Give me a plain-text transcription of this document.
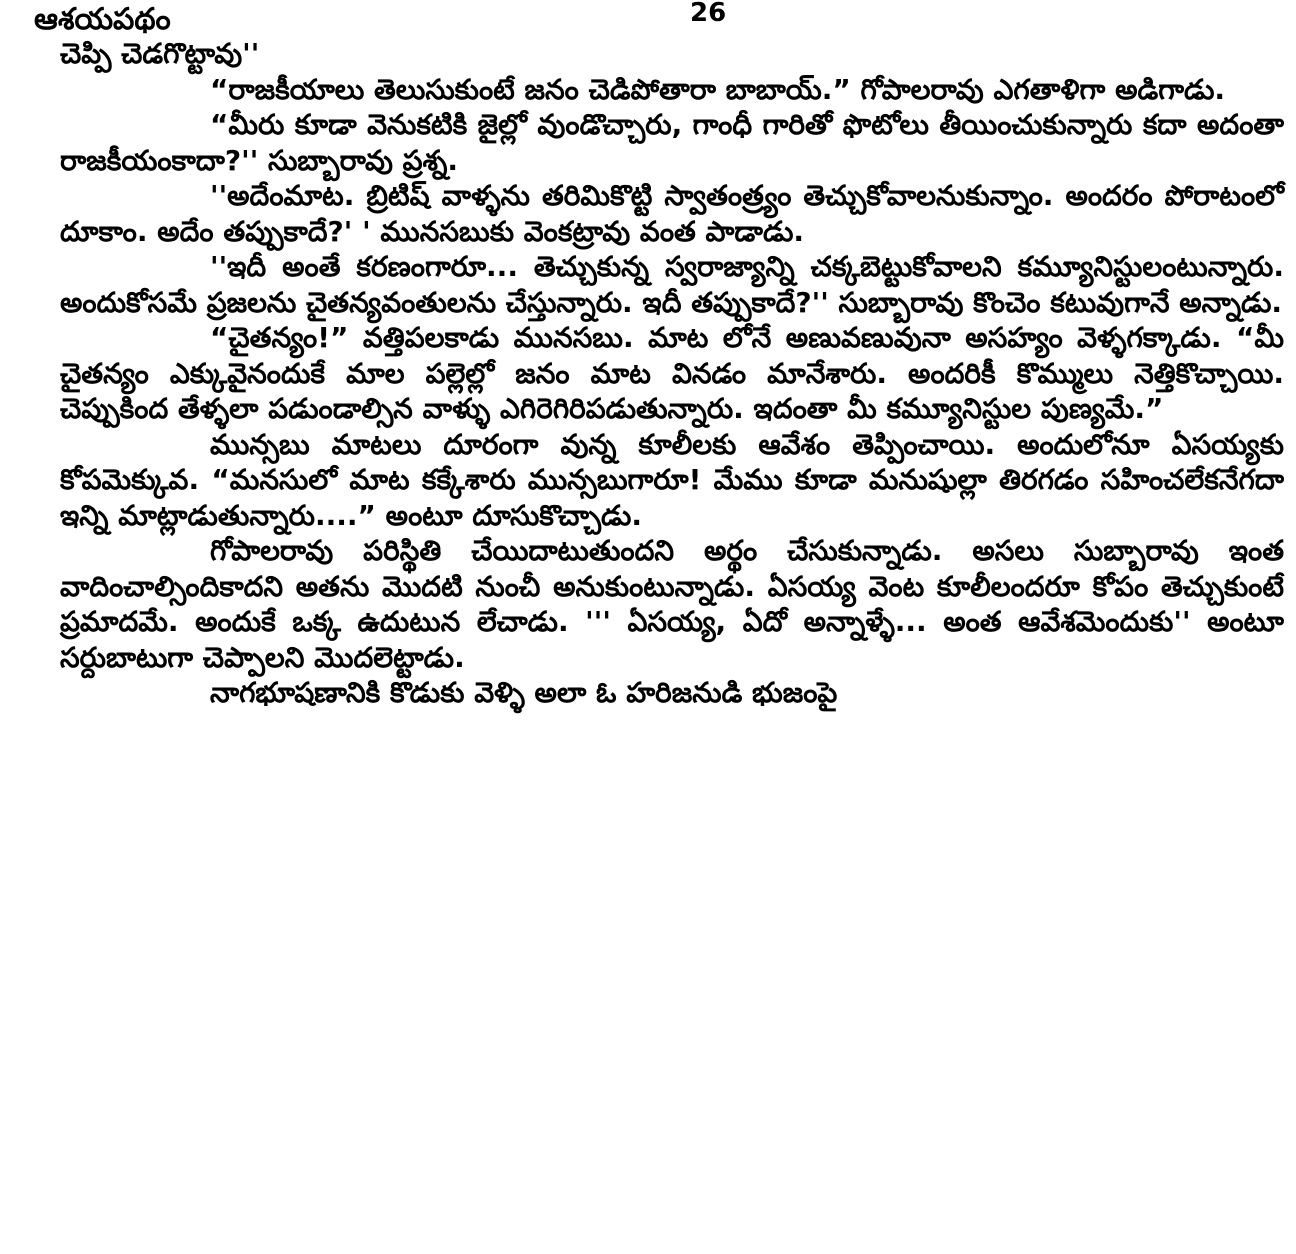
ఆశయపథం	26

చెప్పి చెడగొట్టావు''

“రాజకీయాలు తెలుసుకుంటే జనం చెడిపోతారా బాబాయ్.” గోపాలరావు ఎగతాళిగా అడిగాడు.

“మీరు కూడా వెనుకటికి జైల్లో వుండొచ్చారు, గాంధీ గారితో ఫొటోలు తీయించుకున్నారు కదా అదంతా రాజకీయంకాదా?'' సుబ్బారావు ప్రశ్న.

''అదేంమాట. బ్రిటిష్ వాళ్ళను తరిమికొట్టి స్వాతంత్ర్యం తెచ్చుకోవాలనుకున్నాం. అందరం పోరాటంలో దూకాం. అదేం తప్పుకాదే?' ' మునసబుకు వెంకట్రావు వంత పాడాడు.

''ఇదీ అంతే కరణంగారూ... తెచ్చుకున్న స్వరాజ్యాన్ని చక్కబెట్టుకోవాలని కమ్యూనిస్టులంటున్నారు. అందుకోసమే ప్రజలను చైతన్యవంతులను చేస్తున్నారు. ఇదీ తప్పుకాదే?'' సుబ్బారావు కొంచెం కటువుగానే అన్నాడు.

“చైతన్యం!” వత్తిపలకాడు మునసబు. మాట లోనే అణువణువునా అసహ్యం వెళ్ళగక్కాడు. “మీ చైతన్యం ఎక్కువైనందుకే మాల పల్లెల్లో జనం మాట వినడం మానేశారు. అందరికీ కొమ్ములు నెత్తికొచ్చాయి. చెప్పుకింద తేళ్ళలా పడుండాల్సిన వాళ్ళు ఎగిరెగిరిపడుతున్నారు. ఇదంతా మీ కమ్యూనిస్టుల పుణ్యమే.”

మున్సబు మాటలు దూరంగా వున్న కూలీలకు ఆవేశం తెప్పించాయి. అందులోనూ ఏసయ్యకు కోపమెక్కువ. “మనసులో మాట కక్కేశారు మున్సబుగారూ! మేము కూడా మనుషుల్లా తిరగడం సహించలేకనేగదా ఇన్ని మాట్లాడుతున్నారు....” అంటూ దూసుకొచ్చాడు.

గోపాలరావు పరిస్థితి చేయిదాటుతుందని అర్థం చేసుకున్నాడు. అసలు సుబ్బారావు ఇంత వాదించాల్సిందికాదని అతను మొదటి నుంచీ అనుకుంటున్నాడు. ఏసయ్య వెంట కూలీలందరూ కోపం తెచ్చుకుంటే ప్రమాదమే. అందుకే ఒక్క ఉదుటున లేచాడు. ''' ఏసయ్య, ఏదో అన్నాళ్ళే... అంత ఆవేశమెందుకు'' అంటూ సర్దుబాటుగా చెప్పాలని మొదలెట్టాడు.

నాగభూషణానికి కొడుకు వెళ్ళి అలా ఓ హరిజనుడి భుజంపై
